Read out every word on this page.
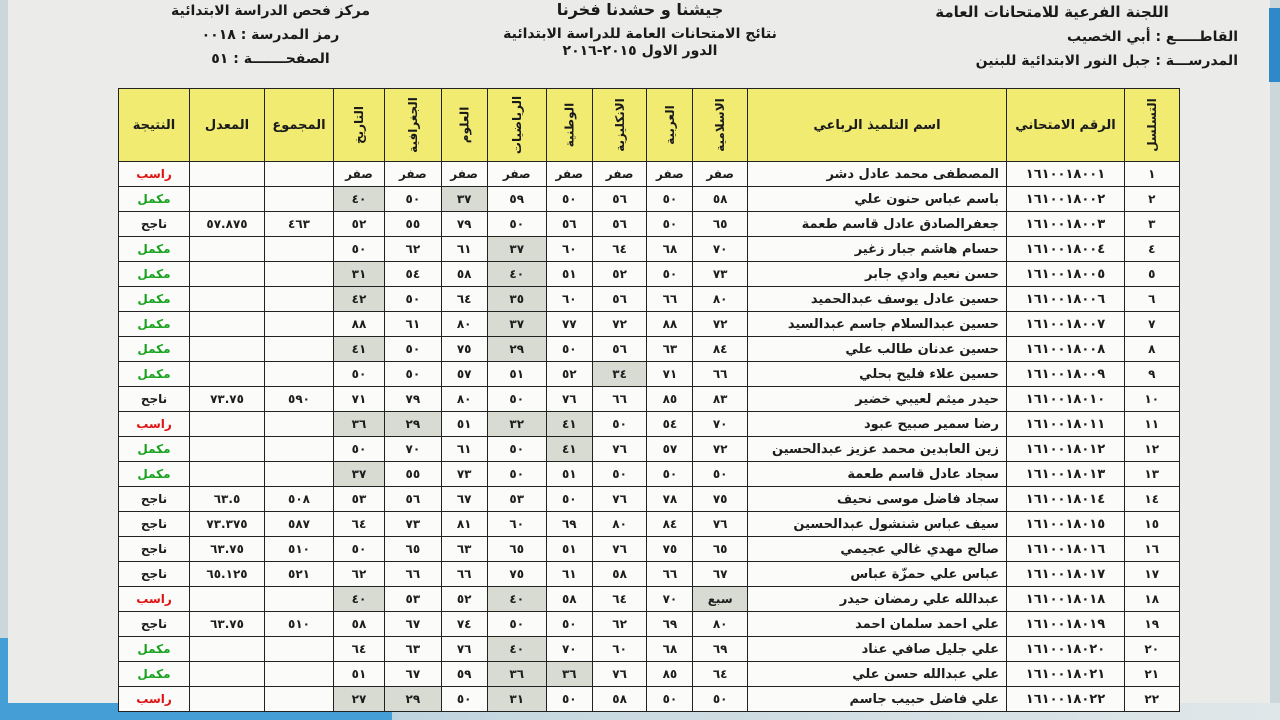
اللجنة الفرعية للامتحانات العامة
القاطـــــع : أبي الخصيب
المدرســـة : جبل النور الابتدائية للبنين
جيشنا و حشدنا فخرنا
نتائج الامتحانات العامة للدراسة الابتدائية
الدور الاول ٢٠١٥-٢٠١٦
مركز فحص الدراسة الابتدائية
رمز المدرسة : ٠٠١٨
الصفحـــــــة : ٥١
التسلسل	الرقم الامتحاني	اسم التلميذ الرباعي	الاسلامية	العربية	الانكليزية	الوطنية	الرياضيات	العلوم	الجغرافية	التاريخ	المجموع	المعدل	النتيجة
١	١٦١٠٠١٨٠٠١	المصطفى محمد عادل دشر	صفر	صفر	صفر	صفر	صفر	صفر	صفر	صفر			راسب
٢	١٦١٠٠١٨٠٠٢	باسم عباس حنون علي	٥٨	٥٠	٥٦	٥٠	٥٩	٣٧	٥٠	٤٠			مكمل
٣	١٦١٠٠١٨٠٠٣	جعفرالصادق عادل قاسم طعمة	٦٥	٥٠	٥٦	٥٦	٥٠	٧٩	٥٥	٥٢	٤٦٣	٥٧.٨٧٥	ناجح
٤	١٦١٠٠١٨٠٠٤	حسام هاشم جبار زغير	٧٠	٦٨	٦٤	٦٠	٣٧	٦١	٦٢	٥٠			مكمل
٥	١٦١٠٠١٨٠٠٥	حسن نعيم وادي جابر	٧٣	٥٠	٥٢	٥١	٤٠	٥٨	٥٤	٣١			مكمل
٦	١٦١٠٠١٨٠٠٦	حسين عادل يوسف عبدالحميد	٨٠	٦٦	٥٦	٦٠	٣٥	٦٤	٥٠	٤٢			مكمل
٧	١٦١٠٠١٨٠٠٧	حسين عبدالسلام جاسم عبدالسيد	٧٢	٨٨	٧٢	٧٧	٣٧	٨٠	٦١	٨٨			مكمل
٨	١٦١٠٠١٨٠٠٨	حسين عدنان طالب علي	٨٤	٦٣	٥٦	٥٠	٢٩	٧٥	٥٠	٤١			مكمل
٩	١٦١٠٠١٨٠٠٩	حسين علاء فليح بحلي	٦٦	٧١	٣٤	٥٢	٥١	٥٧	٥٠	٥٠			مكمل
١٠	١٦١٠٠١٨٠١٠	حيدر ميثم لعيبي خضير	٨٣	٨٥	٦٦	٧٦	٥٠	٨٠	٧٩	٧١	٥٩٠	٧٣.٧٥	ناجح
١١	١٦١٠٠١٨٠١١	رضا سمير صبيح عبود	٧٠	٥٤	٥٠	٤١	٣٢	٥١	٢٩	٣٦			راسب
١٢	١٦١٠٠١٨٠١٢	زين العابدين محمد عزيز عبدالحسين	٧٢	٥٧	٧٦	٤١	٥٠	٦١	٧٠	٥٠			مكمل
١٣	١٦١٠٠١٨٠١٣	سجاد عادل قاسم طعمة	٥٠	٥٠	٥٠	٥١	٥٠	٧٣	٥٥	٣٧			مكمل
١٤	١٦١٠٠١٨٠١٤	سجاد فاضل موسى نحيف	٧٥	٧٨	٧٦	٥٠	٥٣	٦٧	٥٦	٥٣	٥٠٨	٦٣.٥	ناجح
١٥	١٦١٠٠١٨٠١٥	سيف عباس شنشول عبدالحسين	٧٦	٨٤	٨٠	٦٩	٦٠	٨١	٧٣	٦٤	٥٨٧	٧٣.٣٧٥	ناجح
١٦	١٦١٠٠١٨٠١٦	صالح مهدي غالي عجيمي	٦٥	٧٥	٧٦	٥١	٦٥	٦٣	٦٥	٥٠	٥١٠	٦٣.٧٥	ناجح
١٧	١٦١٠٠١٨٠١٧	عباس علي حمزّة عباس	٦٧	٦٦	٥٨	٦١	٧٥	٦٦	٦٦	٦٢	٥٢١	٦٥.١٢٥	ناجح
١٨	١٦١٠٠١٨٠١٨	عبدالله علي رمضان حيدر	سبع	٧٠	٦٤	٥٨	٤٠	٥٢	٥٣	٤٠			راسب
١٩	١٦١٠٠١٨٠١٩	علي احمد سلمان احمد	٨٠	٦٩	٦٢	٥٠	٥٠	٧٤	٦٧	٥٨	٥١٠	٦٣.٧٥	ناجح
٢٠	١٦١٠٠١٨٠٢٠	علي جليل صافي عناد	٦٩	٦٨	٦٠	٧٠	٤٠	٧٦	٦٣	٦٤			مكمل
٢١	١٦١٠٠١٨٠٢١	علي عبدالله حسن علي	٦٤	٨٥	٧٦	٣٦	٣٦	٥٩	٦٧	٥١			مكمل
٢٢	١٦١٠٠١٨٠٢٢	علي فاضل حبيب جاسم	٥٠	٥٠	٥٨	٥٠	٣١	٥٠	٢٩	٢٧			راسب
